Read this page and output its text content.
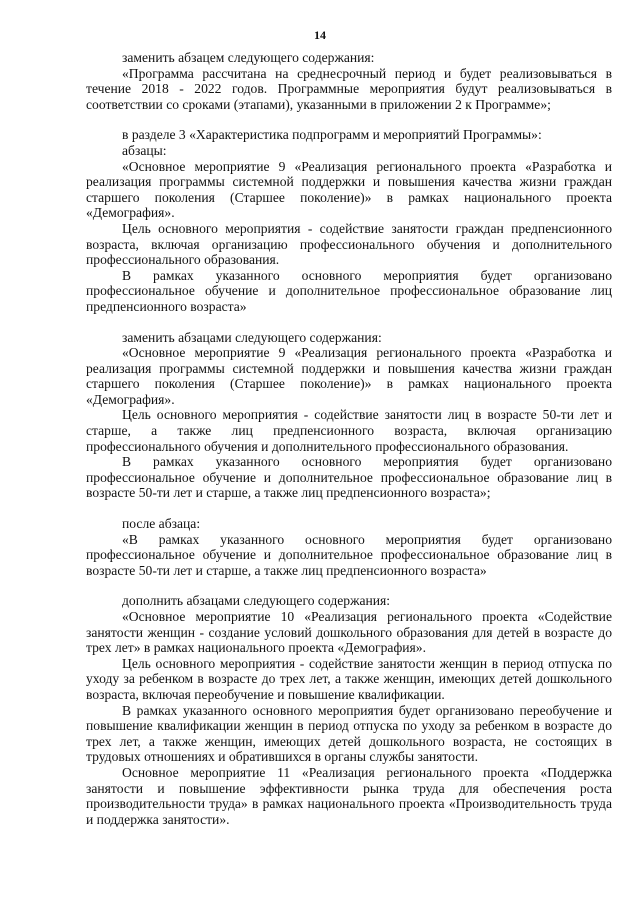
14

заменить абзацем следующего содержания:

«Программа рассчитана на среднесрочный период и будет реализовываться в течение 2018 - 2022 годов. Программные мероприятия будут реализовываться в соответствии со сроками (этапами), указанными в приложении 2 к Программе»;

в разделе 3 «Характеристика подпрограмм и мероприятий Программы»:

абзацы:

«Основное мероприятие 9 «Реализация регионального проекта «Разработка и реализация программы системной поддержки и повышения качества жизни граждан старшего поколения (Старшее поколение)» в рамках национального проекта «Демография».

Цель основного мероприятия - содействие занятости граждан предпенсионного возраста, включая организацию профессионального обучения и дополнительного профессионального образования.

В рамках указанного основного мероприятия будет организовано профессиональное обучение и дополнительное профессиональное образование лиц предпенсионного возраста»

заменить абзацами следующего содержания:

«Основное мероприятие 9 «Реализация регионального проекта «Разработка и реализация программы системной поддержки и повышения качества жизни граждан старшего поколения (Старшее поколение)» в рамках национального проекта «Демография».

Цель основного мероприятия - содействие занятости лиц в возрасте 50-ти лет и старше, а также лиц предпенсионного возраста, включая организацию профессионального обучения и дополнительного профессионального образования.

В рамках указанного основного мероприятия будет организовано профессиональное обучение и дополнительное профессиональное образование лиц в возрасте 50-ти лет и старше, а также лиц предпенсионного возраста»;

после абзаца:

«В рамках указанного основного мероприятия будет организовано профессиональное обучение и дополнительное профессиональное образование лиц в возрасте 50-ти лет и старше, а также лиц предпенсионного возраста»

дополнить абзацами следующего содержания:

«Основное мероприятие 10 «Реализация регионального проекта «Содействие занятости женщин - создание условий дошкольного образования для детей в возрасте до трех лет» в рамках национального проекта «Демография».

Цель основного мероприятия - содействие занятости женщин в период отпуска по уходу за ребенком в возрасте до трех лет, а также женщин, имеющих детей дошкольного возраста, включая переобучение и повышение квалификации.

В рамках указанного основного мероприятия будет организовано переобучение и повышение квалификации женщин в период отпуска по уходу за ребенком в возрасте до трех лет, а также женщин, имеющих детей дошкольного возраста, не состоящих в трудовых отношениях и обратившихся в органы службы занятости.

Основное мероприятие 11 «Реализация регионального проекта «Поддержка занятости и повышение эффективности рынка труда для обеспечения роста производительности труда» в рамках национального проекта «Производительность труда и поддержка занятости».
